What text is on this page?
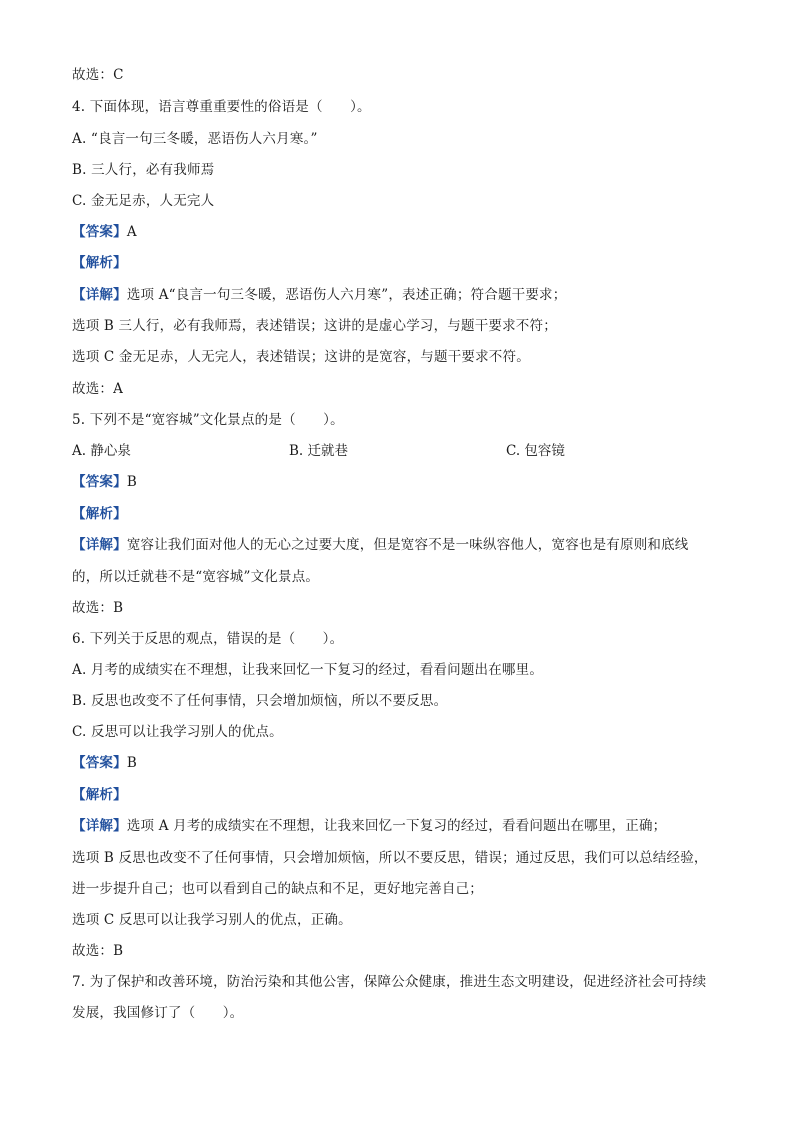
故选：C
4. 下面体现，语言尊重重要性的俗语是（　　）。
A. “良言一句三冬暖，恶语伤人六月寒。”
B. 三人行，必有我师焉
C. 金无足赤，人无完人
【答案】A
【解析】
【详解】选项 A“良言一句三冬暖，恶语伤人六月寒”，表述正确；符合题干要求；
选项 B 三人行，必有我师焉，表述错误；这讲的是虚心学习，与题干要求不符；
选项 C 金无足赤，人无完人，表述错误；这讲的是宽容，与题干要求不符。
故选：A
5. 下列不是“宽容城”文化景点的是（　　）。
A. 静心泉	B. 迁就巷	C. 包容镜
【答案】B
【解析】
【详解】宽容让我们面对他人的无心之过要大度，但是宽容不是一味纵容他人，宽容也是有原则和底线
的，所以迁就巷不是“宽容城”文化景点。
故选：B
6. 下列关于反思的观点，错误的是（　　）。
A. 月考的成绩实在不理想，让我来回忆一下复习的经过，看看问题出在哪里。
B. 反思也改变不了任何事情，只会增加烦恼，所以不要反思。
C. 反思可以让我学习别人的优点。
【答案】B
【解析】
【详解】选项 A 月考的成绩实在不理想，让我来回忆一下复习的经过，看看问题出在哪里，正确；
选项 B 反思也改变不了任何事情，只会增加烦恼，所以不要反思，错误；通过反思，我们可以总结经验，
进一步提升自己；也可以看到自己的缺点和不足，更好地完善自己；
选项 C 反思可以让我学习别人的优点，正确。
故选：B
7. 为了保护和改善环境，防治污染和其他公害，保障公众健康，推进生态文明建设，促进经济社会可持续
发展，我国修订了（　　）。
